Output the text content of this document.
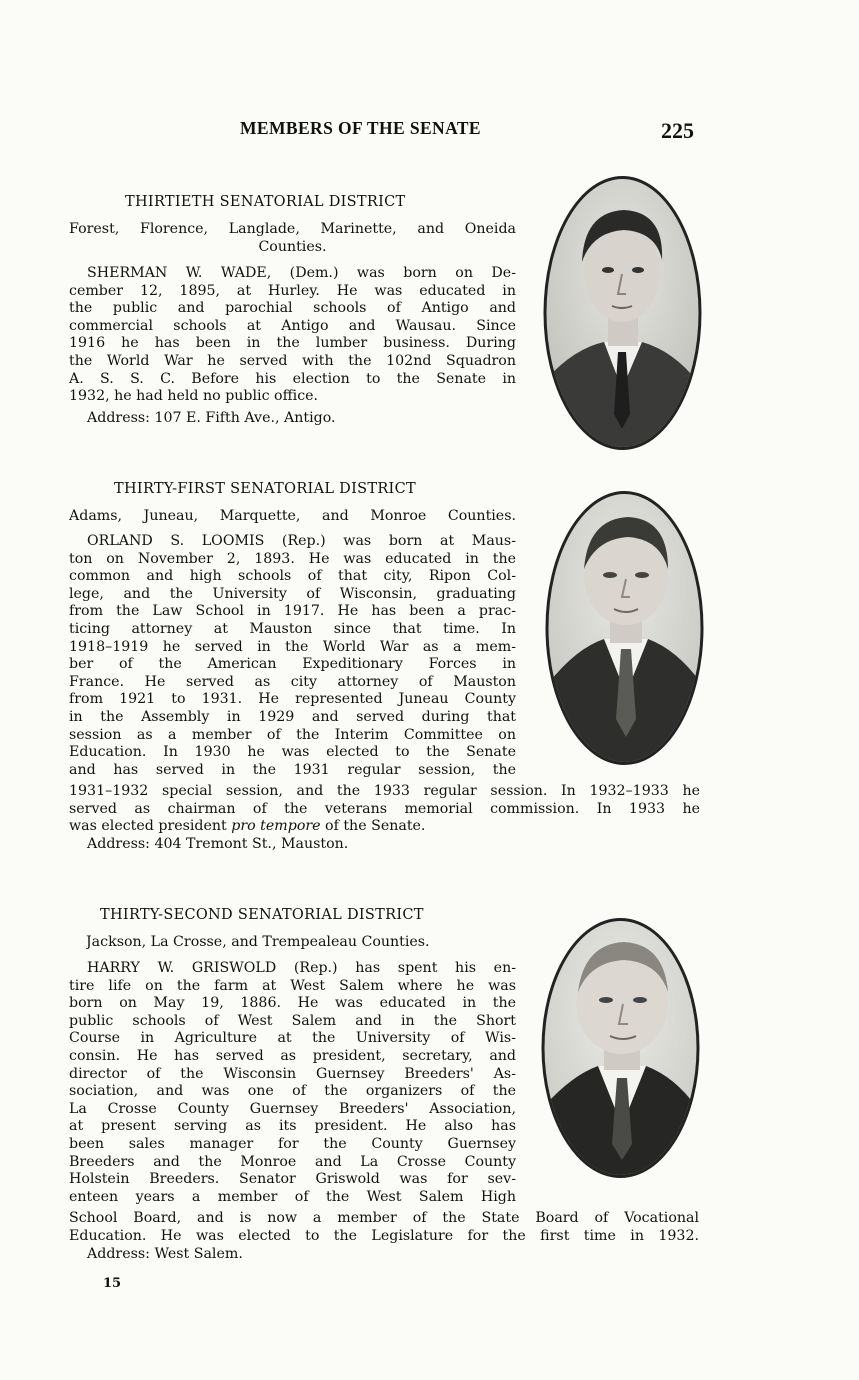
MEMBERS OF THE SENATE	225
THIRTIETH SENATORIAL DISTRICT
Forest, Florence, Langlade, Marinette, and Oneida
Counties.
SHERMAN W. WADE, (Dem.) was born on De-
cember 12, 1895, at Hurley. He was educated in
the public and parochial schools of Antigo and
commercial schools at Antigo and Wausau. Since
1916 he has been in the lumber business. During
the World War he served with the 102nd Squadron
A. S. S. C. Before his election to the Senate in
1932, he had held no public office.
Address: 107 E. Fifth Ave., Antigo.
THIRTY-FIRST SENATORIAL DISTRICT
Adams, Juneau, Marquette, and Monroe Counties.
ORLAND S. LOOMIS (Rep.) was born at Maus-
ton on November 2, 1893. He was educated in the
common and high schools of that city, Ripon Col-
lege, and the University of Wisconsin, graduating
from the Law School in 1917. He has been a prac-
ticing attorney at Mauston since that time. In
1918–1919 he served in the World War as a mem-
ber of the American Expeditionary Forces in
France. He served as city attorney of Mauston
from 1921 to 1931. He represented Juneau County
in the Assembly in 1929 and served during that
session as a member of the Interim Committee on
Education. In 1930 he was elected to the Senate
and has served in the 1931 regular session, the
1931–1932 special session, and the 1933 regular session. In 1932–1933 he
served as chairman of the veterans memorial commission. In 1933 he
was elected president pro tempore of the Senate.
Address: 404 Tremont St., Mauston.
THIRTY-SECOND SENATORIAL DISTRICT
Jackson, La Crosse, and Trempealeau Counties.
HARRY W. GRISWOLD (Rep.) has spent his en-
tire life on the farm at West Salem where he was
born on May 19, 1886. He was educated in the
public schools of West Salem and in the Short
Course in Agriculture at the University of Wis-
consin. He has served as president, secretary, and
director of the Wisconsin Guernsey Breeders' As-
sociation, and was one of the organizers of the
La Crosse County Guernsey Breeders' Association,
at present serving as its president. He also has
been sales manager for the County Guernsey
Breeders and the Monroe and La Crosse County
Holstein Breeders. Senator Griswold was for sev-
enteen years a member of the West Salem High
School Board, and is now a member of the State Board of Vocational
Education. He was elected to the Legislature for the first time in 1932.
Address: West Salem.
15
